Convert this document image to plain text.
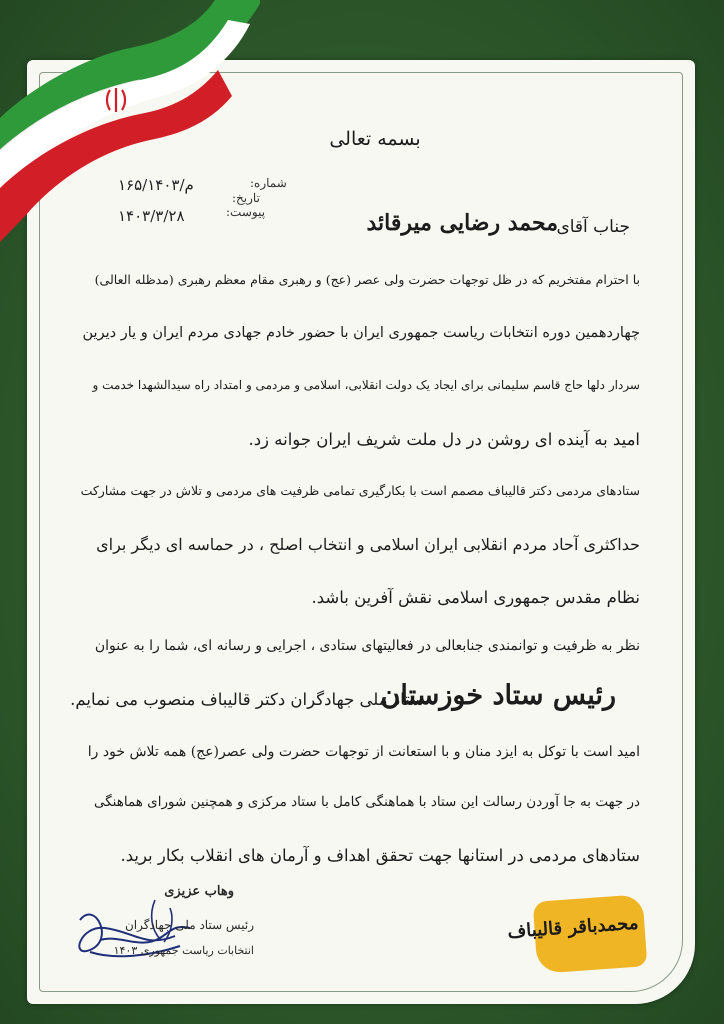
بسمه تعالی
شماره:
۱۶۵/۱۴۰۳/م
تاریخ:
۱۴۰۳/۳/۲۸	پیوست:
جناب آقای
محمد رضایی میرقائد
با احترام مفتخریم که در ظل توجهات حضرت ولی عصر (عج) و رهبری مقام معظم رهبری (مدظله العالی)
چهاردهمین دوره انتخابات ریاست جمهوری ایران با حضور خادم جهادی مردم ایران و یار دیرین
سردار دلها حاج قاسم سلیمانی برای ایجاد یک دولت انقلابی، اسلامی و مردمی و امتداد راه سیدالشهدا خدمت و
امید به آینده ای روشن در دل ملت شریف ایران جوانه زد.
ستادهای مردمی دکتر قالیباف مصمم است با بکارگیری تمامی ظرفیت های مردمی و تلاش در جهت مشارکت
حداکثری آحاد مردم انقلابی ایران اسلامی و انتخاب اصلح ، در حماسه ای دیگر برای
نظام مقدس جمهوری اسلامی نقش آفرین باشد.
نظر به ظرفیت و توانمندی جنابعالی در فعالیتهای ستادی ، اجرایی و رسانه ای، شما را به عنوان
رئیس ستاد خوزستان
ستاد ملی جهادگران دکتر قالیباف منصوب می نمایم.
امید است با توکل به ایزد منان و با استعانت از توجهات حضرت ولی عصر(عج) همه تلاش خود را
در جهت به جا آوردن رسالت این ستاد با هماهنگی کامل با ستاد مرکزی و همچنین شورای هماهنگی
ستادهای مردمی در استانها جهت تحقق اهداف و آرمان های انقلاب بکار برید.
وهاب عزیزی
رئیس ستاد ملی جهادگران
انتخابات ریاست جمهوری ۱۴۰۳
محمدباقر قالیباف
